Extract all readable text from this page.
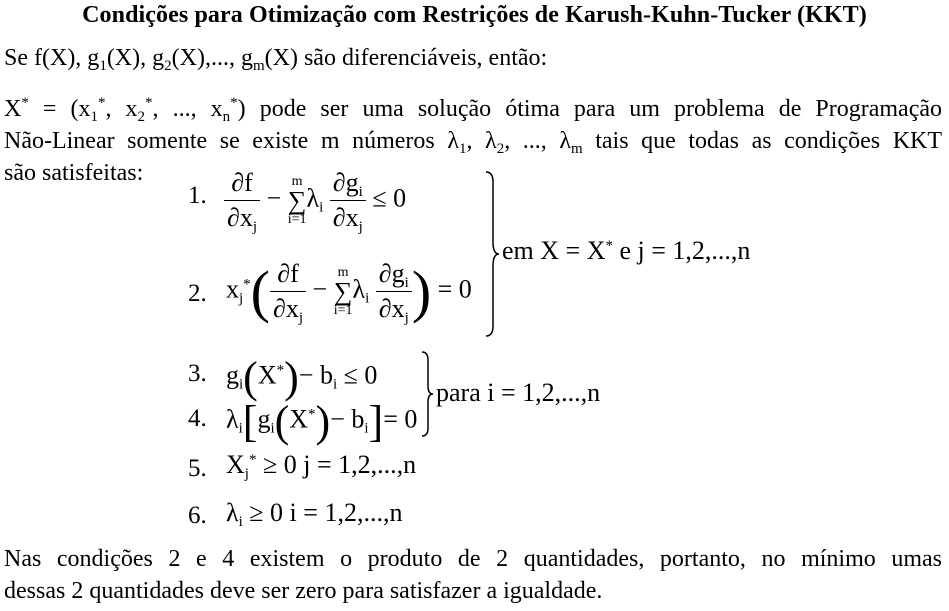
Condições para Otimização com Restrições de Karush-Kuhn-Tucker (KKT)
Se f(X), $g_1(X)$, $g_2(X)$,..., $g_m(X)$ são diferenciáveis, então:
$X^* = (x_1^*$, $x_2^*$, ..., $x_n^*$) pode ser uma solução ótima para um problema de Programação
Não-Linear somente se existe m números $\lambda_1$, $\lambda_2$, ..., $\lambda_m$ tais que todas as condições KKT
são satisfeitas:
1. $\frac{\partial f}{\partial x_j}$ −
m
∑
i=1
$\lambda_i \frac{\partial g_i}{\partial x_j} \le 0$
2. $x_j^*( \frac{\partial f}{\partial x_j}$ −
m
∑
i=1
$\lambda_i \frac{\partial g_i}{\partial x_j}$ ) = 0
em X = X* e j = 1,2,...,n
3. $g_i(X^*)- b_i \le 0$
4. $\lambda_i[g_i(X^*)- b_i]= 0$
para i = 1,2,...,n
5. $X_j^* \ge 0$ j = 1,2,...,n
6. $\lambda_i \ge 0$ i = 1,2,...,n
Nas condições 2 e 4 existem o produto de 2 quantidades, portanto, no mínimo umas
dessas 2 quantidades deve ser zero para satisfazer a igualdade.
